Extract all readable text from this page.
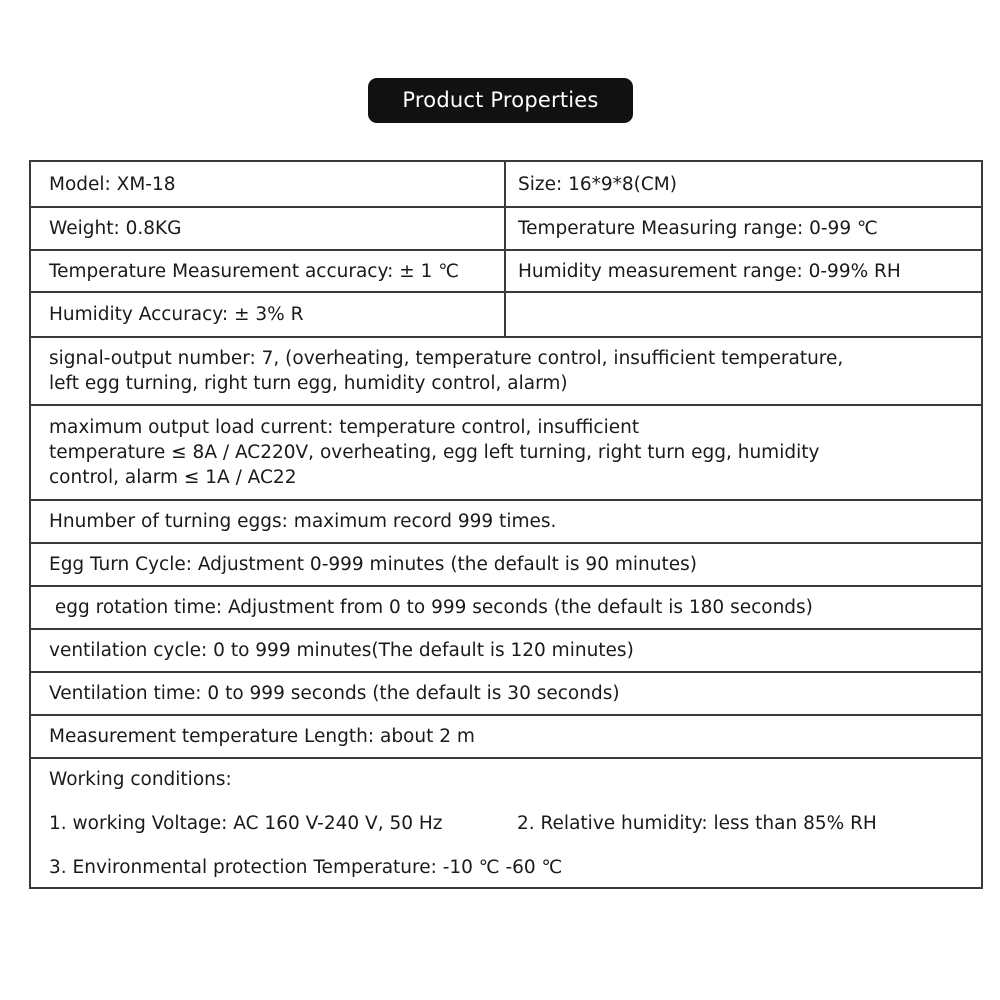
Product Properties
Model: XM-18	Size: 16*9*8(CM)
Weight: 0.8KG	Temperature Measuring range: 0-99 ℃
Temperature Measurement accuracy: ± 1 ℃	Humidity measurement range: 0-99% RH
Humidity Accuracy: ± 3% R
signal-output number: 7, (overheating, temperature control, insufficient temperature,
left egg turning, right turn egg, humidity control, alarm)
maximum output load current: temperature control, insufficient
temperature ≤ 8A / AC220V, overheating, egg left turning, right turn egg, humidity
control, alarm ≤ 1A / AC22
Hnumber of turning eggs: maximum record 999 times.
Egg Turn Cycle: Adjustment 0-999 minutes (the default is 90 minutes)
egg rotation time: Adjustment from 0 to 999 seconds (the default is 180 seconds)
ventilation cycle: 0 to 999 minutes(The default is 120 minutes)
Ventilation time: 0 to 999 seconds (the default is 30 seconds)
Measurement temperature Length: about 2 m
Working conditions:
1. working Voltage: AC 160 V-240 V, 50 Hz	2. Relative humidity: less than 85% RH
3. Environmental protection Temperature: -10 ℃ -60 ℃
